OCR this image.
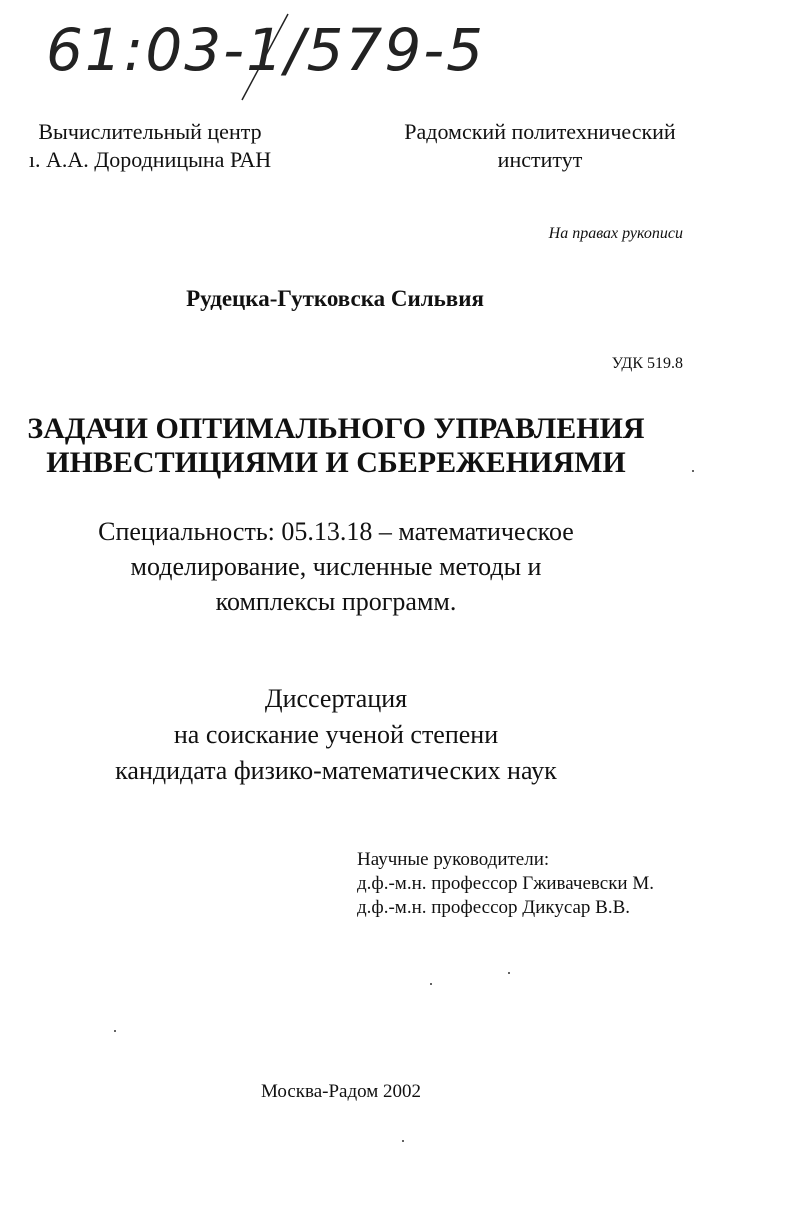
61:03-1/579-5
Вычислительный центр
ı. А.А. Дородницына РАН
Радомский политехнический
институт
На правах рукописи
Рудецка-Гутковска Сильвия
УДК 519.8
ЗАДАЧИ ОПТИМАЛЬНОГО УПРАВЛЕНИЯ
ИНВЕСТИЦИЯМИ И СБЕРЕЖЕНИЯМИ
Специальность: 05.13.18 – математическое
моделирование, численные методы и
комплексы программ.
Диссертация
на соискание ученой степени
кандидата физико-математических наук
Научные руководители:
д.ф.-м.н. профессор Гживачевски М.
д.ф.-м.н. профессор Дикусар В.В.
Москва-Радом 2002
